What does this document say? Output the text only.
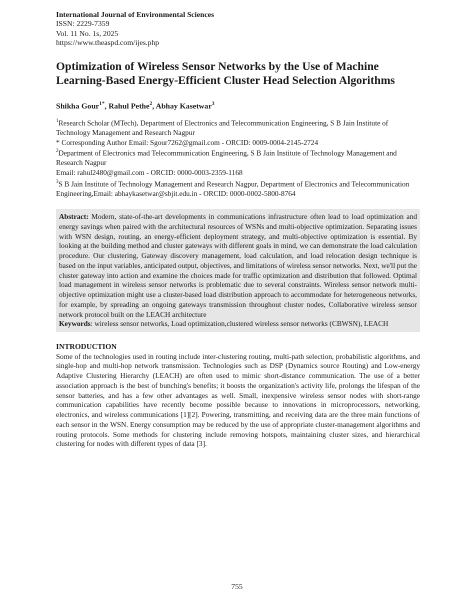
International Journal of Environmental Sciences
ISSN: 2229-7359
Vol. 11 No. 1s, 2025
https://www.theaspd.com/ijes.php
Optimization of Wireless Sensor Networks by the Use of Machine Learning-Based Energy-Efficient Cluster Head Selection Algorithms
Shikha Gour$^{1*}$, Rahul Pethe$^2$, Abhay Kasetwar$^3$

$^1$Research Scholar (MTech), Department of Electronics and Telecommunication Engineering, S B Jain Institute of Technology Management and Research Nagpur

* Corresponding Author Email: Sgour7262@gmail.com - ORCID: 0009-0004-2145-2724

$^2$Department of Electronics mad Telecommunication Engineering, S B Jain Institute of Technology Management and Research Nagpur

Email: rahul2480@gmail.com - ORCID: 0000-0003-2359-1168

$^3$S B Jain Institute of Technology Management and Research Nagpur, Department of Electronics and Telecommunication Engineering,Email: abhaykasetwar@sbjit.edu.in - ORCID: 0000-0002-5800-8764

Abstract: Modern, state-of-the-art developments in communications infrastructure often lead to load optimization and energy savings when paired with the architectural resources of WSNs and multi-objective optimization. Separating issues with WSN design, routing, an energy-efficient deployment strategy, and multi-objective optimization is essential. By looking at the building method and cluster gateways with different goals in mind, we can demonstrate the load calculation procedure. Our clustering, Gateway discovery management, load calculation, and load relocation design technique is based on the input variables, anticipated output, objectives, and limitations of wireless sensor networks. Next, we'll put the cluster gateway into action and examine the choices made for traffic optimization and distribution that followed. Optimal load management in wireless sensor networks is problematic due to several constraints. Wireless sensor network multi-objective optimization might use a cluster-based load distribution approach to accommodate for heterogeneous networks, for example, by spreading an ongoing gateways transmission throughout cluster nodes, Collaborative wireless sensor network protocol built on the LEACH architecture
Keywords: wireless sensor networks, Load optimization,clustered wireless sensor networks (CBWSN), LEACH
INTRODUCTION
Some of the technologies used in routing include inter-clustering routing, multi-path selection, probabilistic algorithms, and single-hop and multi-hop network transmission. Technologies such as DSP (Dynamics source Routing) and Low-energy Adaptive Clustering Hierarchy (LEACH) are often used to mimic short-distance communication. The use of a better association approach is the best of bunching's benefits; it boosts the organization's activity life, prolongs the lifespan of the sensor batteries, and has a few other advantages as well. Small, inexpensive wireless sensor nodes with short-range communication capabilities have recently become possible because to innovations in microprocessors, networking, electronics, and wireless communications [1][2]. Powering, transmitting, and receiving data are the three main functions of each sensor in the WSN. Energy consumption may be reduced by the use of appropriate cluster-management algorithms and routing protocols. Some methods for clustering include removing hotspots, maintaining cluster sizes, and hierarchical clustering for nodes with different types of data [3].
755
